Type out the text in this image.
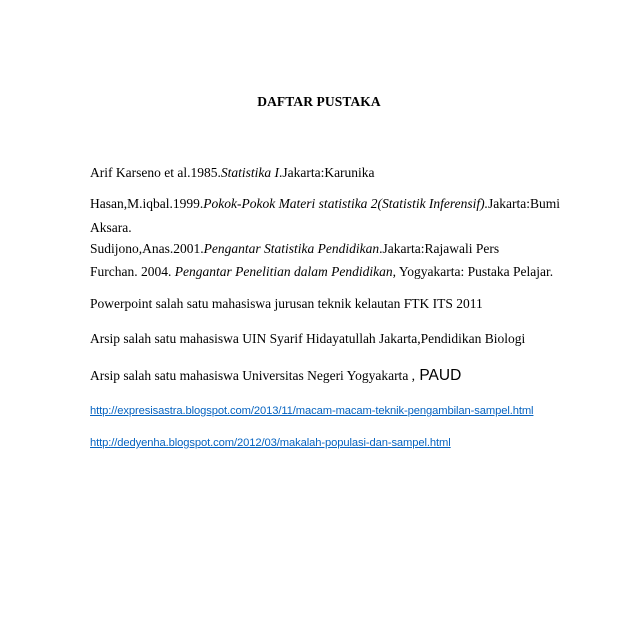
DAFTAR PUSTAKA
Arif Karseno et al.1985.Statistika I.Jakarta:Karunika
Hasan,M.iqbal.1999.Pokok-Pokok Materi statistika 2(Statistik Inferensif).Jakarta:Bumi
Aksara.
Sudijono,Anas.2001.Pengantar Statistika Pendidikan.Jakarta:Rajawali Pers
Furchan. 2004. Pengantar Penelitian dalam Pendidikan, Yogyakarta: Pustaka Pelajar.
Powerpoint salah satu mahasiswa jurusan teknik kelautan FTK ITS 2011
Arsip salah satu mahasiswa UIN Syarif Hidayatullah Jakarta,Pendidikan Biologi
Arsip salah satu mahasiswa Universitas Negeri Yogyakarta , PAUD
http://expresisastra.blogspot.com/2013/11/macam-macam-teknik-pengambilan-sampel.html
http://dedyenha.blogspot.com/2012/03/makalah-populasi-dan-sampel.html
